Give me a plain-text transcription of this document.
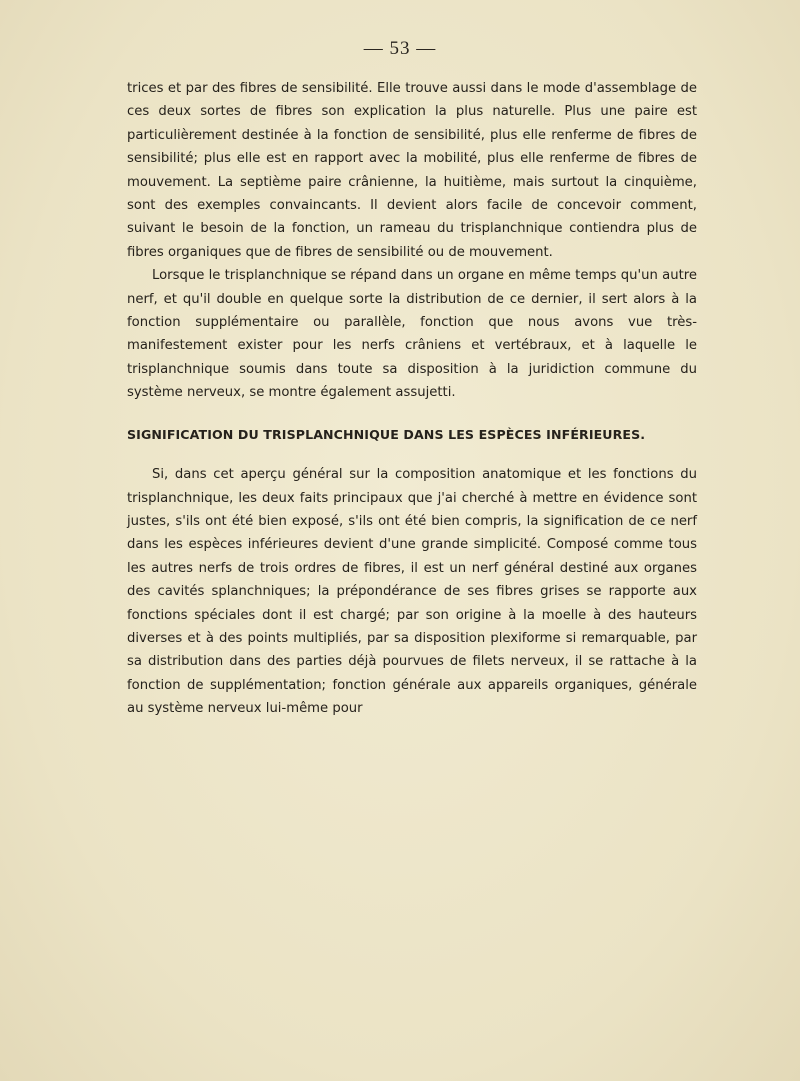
— 53 —

trices et par des fibres de sensibilité. Elle trouve aussi dans le mode d'assemblage de ces deux sortes de fibres son explication la plus naturelle. Plus une paire est particulièrement destinée à la fonction de sensibilité, plus elle renferme de fibres de sensibilité; plus elle est en rapport avec la mobilité, plus elle renferme de fibres de mouvement. La septième paire crânienne, la huitième, mais surtout la cinquième, sont des exemples convaincants. Il devient alors facile de concevoir comment, suivant le besoin de la fonction, un rameau du trisplanchnique contiendra plus de fibres organiques que de fibres de sensibilité ou de mouvement.

Lorsque le trisplanchnique se répand dans un organe en même temps qu'un autre nerf, et qu'il double en quelque sorte la distribution de ce dernier, il sert alors à la fonction supplémentaire ou parallèle, fonction que nous avons vue très-manifestement exister pour les nerfs crâniens et vertébraux, et à laquelle le trisplanchnique soumis dans toute sa disposition à la juridiction commune du système nerveux, se montre également assujetti.

SIGNIFICATION DU TRISPLANCHNIQUE DANS LES ESPÈCES INFÉRIEURES.

Si, dans cet aperçu général sur la composition anatomique et les fonctions du trisplanchnique, les deux faits principaux que j'ai cherché à mettre en évidence sont justes, s'ils ont été bien exposé, s'ils ont été bien compris, la signification de ce nerf dans les espèces inférieures devient d'une grande simplicité. Composé comme tous les autres nerfs de trois ordres de fibres, il est un nerf général destiné aux organes des cavités splanchniques; la prépondérance de ses fibres grises se rapporte aux fonctions spéciales dont il est chargé; par son origine à la moelle à des hauteurs diverses et à des points multipliés, par sa disposition plexiforme si remarquable, par sa distribution dans des parties déjà pourvues de filets nerveux, il se rattache à la fonction de supplémentation; fonction générale aux appareils organiques, générale au système nerveux lui-même pour
